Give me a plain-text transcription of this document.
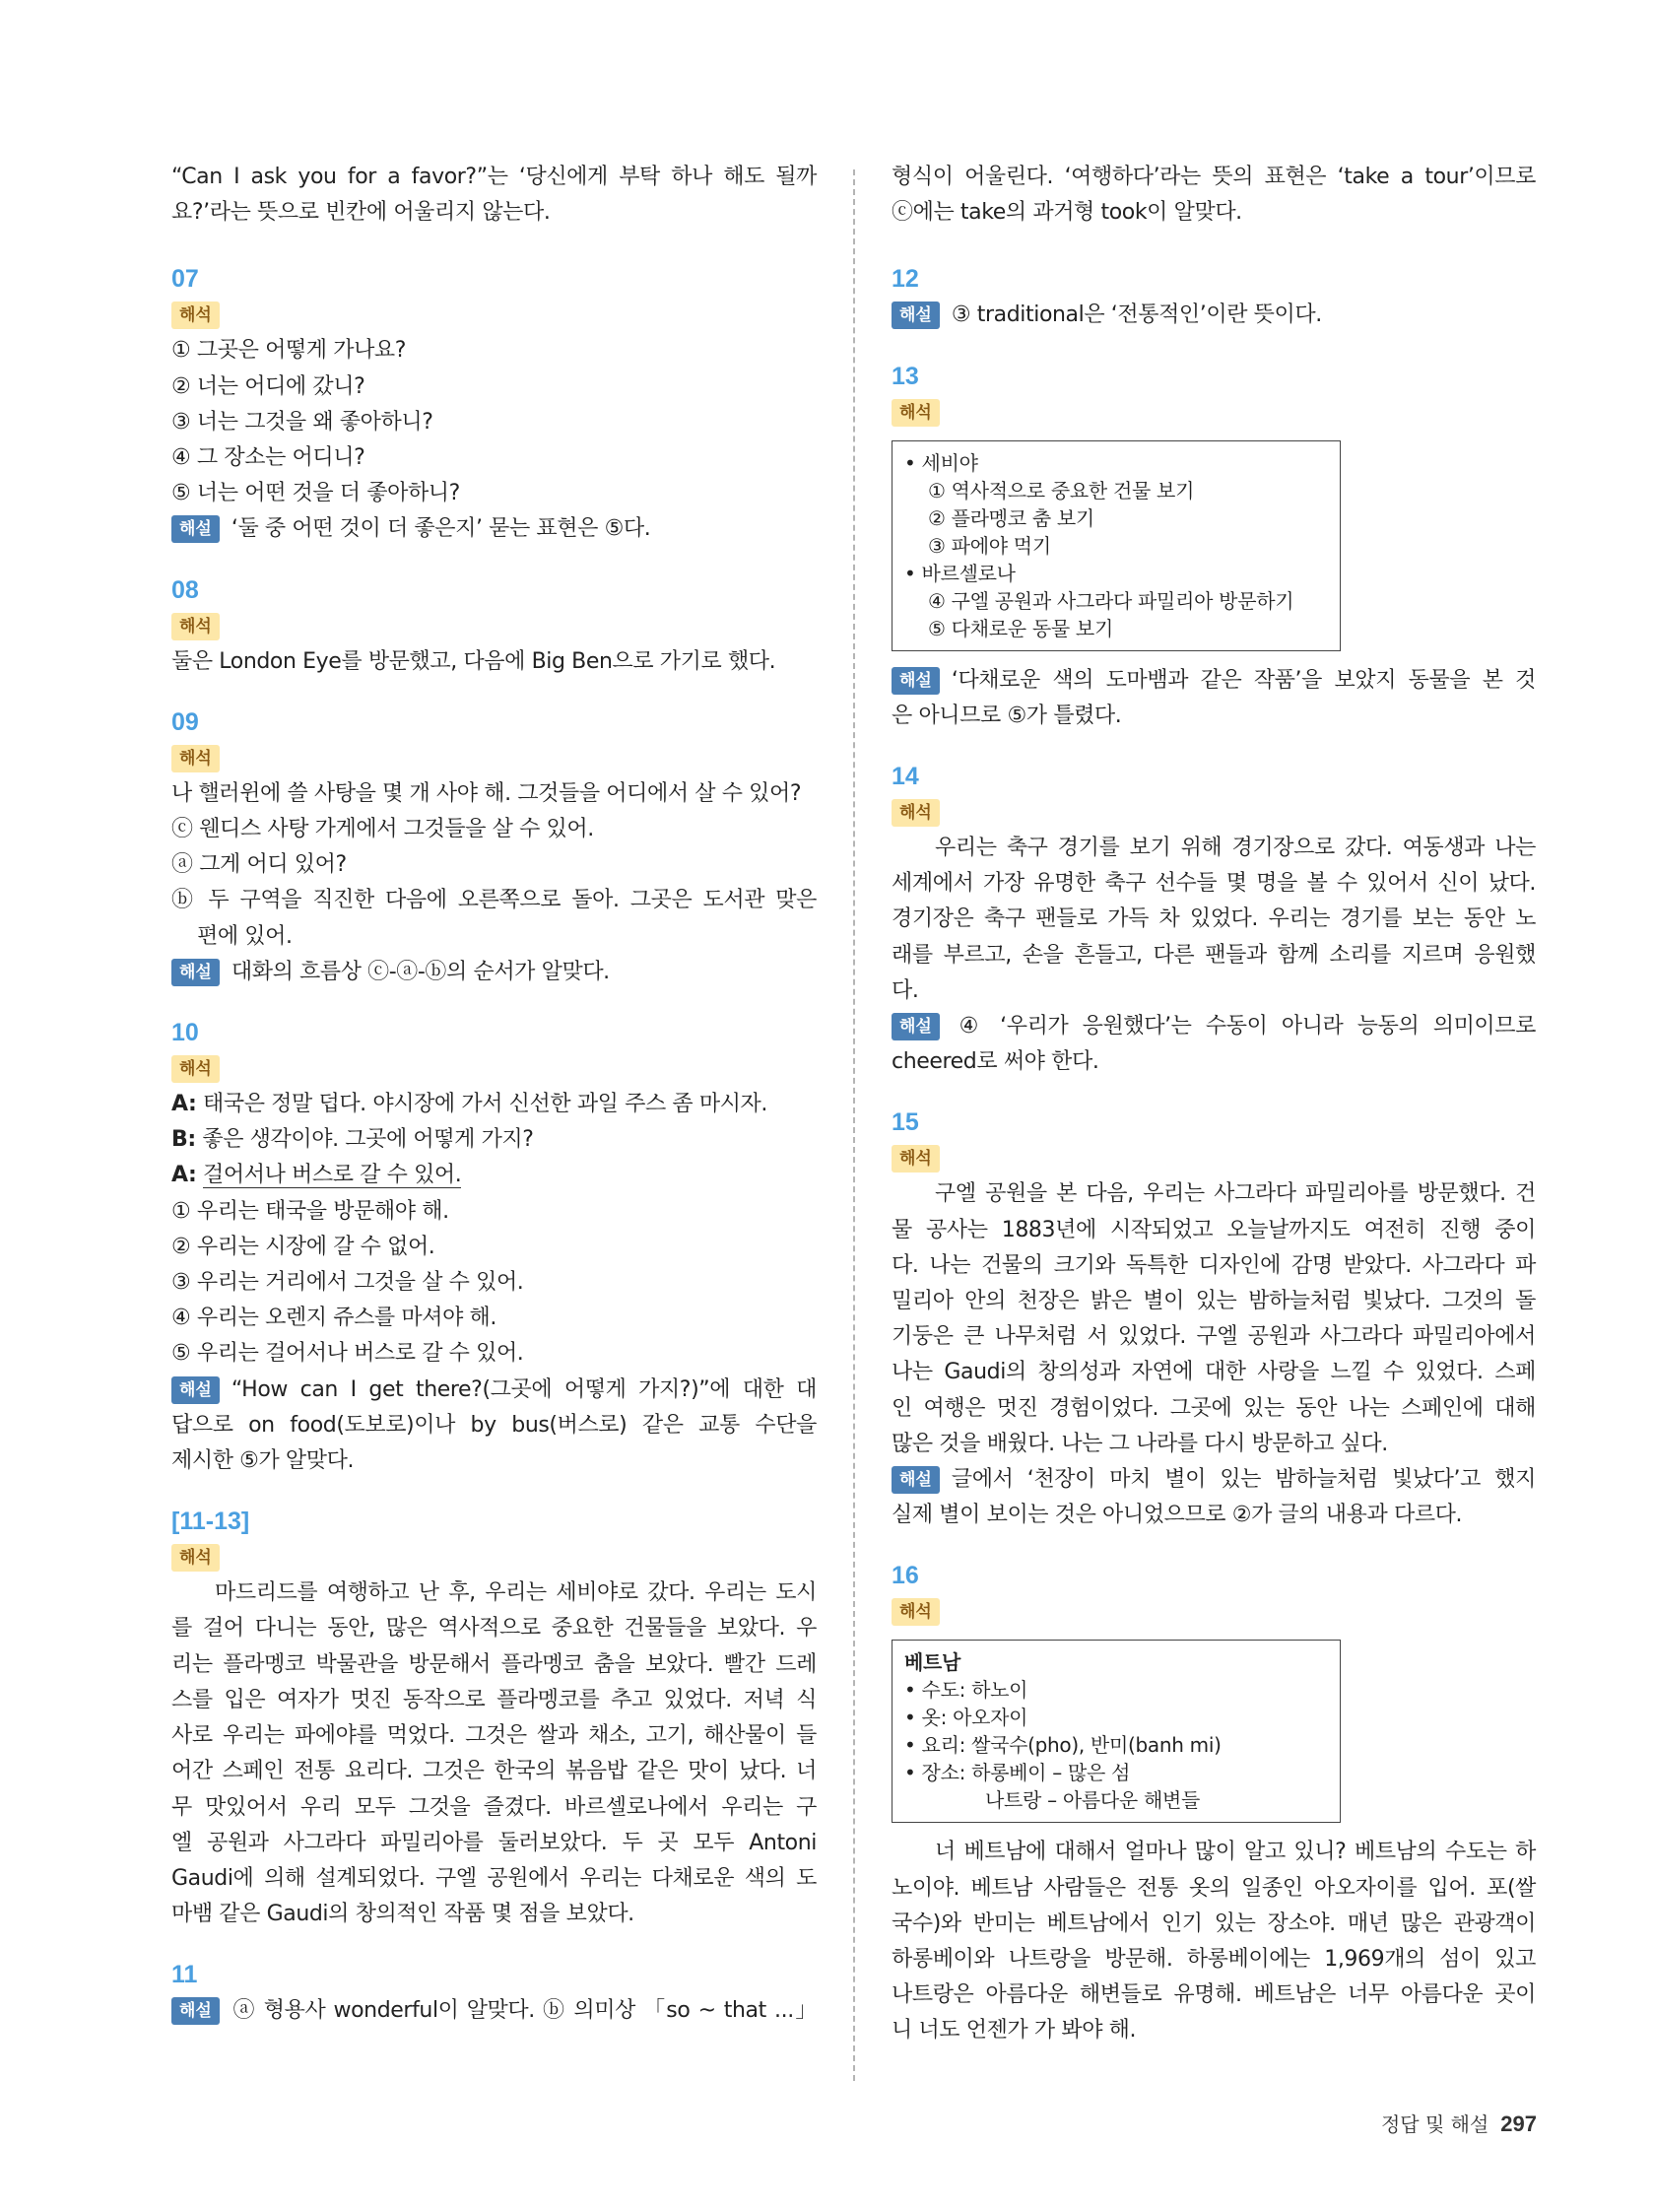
“Can I ask you for a favor?”는 ‘당신에게 부탁 하나 해도 될까
요?’라는 뜻으로 빈칸에 어울리지 않는다.
07
해석
① 그곳은 어떻게 가나요?
② 너는 어디에 갔니?
③ 너는 그것을 왜 좋아하니?
④ 그 장소는 어디니?
⑤ 너는 어떤 것을 더 좋아하니?
해설 ‘둘 중 어떤 것이 더 좋은지’ 묻는 표현은 ⑤다.
08
해석
둘은 London Eye를 방문했고, 다음에 Big Ben으로 가기로 했다.
09
해석
나 핼러윈에 쓸 사탕을 몇 개 사야 해. 그것들을 어디에서 살 수 있어?
ⓒ 웬디스 사탕 가게에서 그것들을 살 수 있어.
ⓐ 그게 어디 있어?
ⓑ 두 구역을 직진한 다음에 오른쪽으로 돌아. 그곳은 도서관 맞은
편에 있어.
해설 대화의 흐름상 ⓒ-ⓐ-ⓑ의 순서가 알맞다.
10
해석
A: 태국은 정말 덥다. 야시장에 가서 신선한 과일 주스 좀 마시자.
B: 좋은 생각이야. 그곳에 어떻게 가지?
A: 걸어서나 버스로 갈 수 있어.
① 우리는 태국을 방문해야 해.
② 우리는 시장에 갈 수 없어.
③ 우리는 거리에서 그것을 살 수 있어.
④ 우리는 오렌지 쥬스를 마셔야 해.
⑤ 우리는 걸어서나 버스로 갈 수 있어.
해설 “How can I get there?(그곳에 어떻게 가지?)”에 대한 대
답으로 on food(도보로)이나 by bus(버스로) 같은 교통 수단을
제시한 ⑤가 알맞다.
[11-13]
해석
마드리드를 여행하고 난 후, 우리는 세비야로 갔다. 우리는 도시
를 걸어 다니는 동안, 많은 역사적으로 중요한 건물들을 보았다. 우
리는 플라멩코 박물관을 방문해서 플라멩코 춤을 보았다. 빨간 드레
스를 입은 여자가 멋진 동작으로 플라멩코를 추고 있었다. 저녁 식
사로 우리는 파에야를 먹었다. 그것은 쌀과 채소, 고기, 해산물이 들
어간 스페인 전통 요리다. 그것은 한국의 볶음밥 같은 맛이 났다. 너
무 맛있어서 우리 모두 그것을 즐겼다. 바르셀로나에서 우리는 구
엘 공원과 사그라다 파밀리아를 둘러보았다. 두 곳 모두 Antoni
Gaudi에 의해 설계되었다. 구엘 공원에서 우리는 다채로운 색의 도
마뱀 같은 Gaudi의 창의적인 작품 몇 점을 보았다.
11
해설 ⓐ 형용사 wonderful이 알맞다. ⓑ 의미상 「so ~ that ...」
형식이 어울린다. ‘여행하다’라는 뜻의 표현은 ‘take a tour’이므로
ⓒ에는 take의 과거형 took이 알맞다.
12
해설 ③ traditional은 ‘전통적인’이란 뜻이다.
13
해석
• 세비야
① 역사적으로 중요한 건물 보기
② 플라멩코 춤 보기
③ 파에야 먹기
• 바르셀로나
④ 구엘 공원과 사그라다 파밀리아 방문하기
⑤ 다채로운 동물 보기
해설 ‘다채로운 색의 도마뱀과 같은 작품’을 보았지 동물을 본 것
은 아니므로 ⑤가 틀렸다.
14
해석
우리는 축구 경기를 보기 위해 경기장으로 갔다. 여동생과 나는
세계에서 가장 유명한 축구 선수들 몇 명을 볼 수 있어서 신이 났다.
경기장은 축구 팬들로 가득 차 있었다. 우리는 경기를 보는 동안 노
래를 부르고, 손을 흔들고, 다른 팬들과 함께 소리를 지르며 응원했
다.
해설 ④ ‘우리가 응원했다’는 수동이 아니라 능동의 의미이므로
cheered로 써야 한다.
15
해석
구엘 공원을 본 다음, 우리는 사그라다 파밀리아를 방문했다. 건
물 공사는 1883년에 시작되었고 오늘날까지도 여전히 진행 중이
다. 나는 건물의 크기와 독특한 디자인에 감명 받았다. 사그라다 파
밀리아 안의 천장은 밝은 별이 있는 밤하늘처럼 빛났다. 그것의 돌
기둥은 큰 나무처럼 서 있었다. 구엘 공원과 사그라다 파밀리아에서
나는 Gaudi의 창의성과 자연에 대한 사랑을 느낄 수 있었다. 스페
인 여행은 멋진 경험이었다. 그곳에 있는 동안 나는 스페인에 대해
많은 것을 배웠다. 나는 그 나라를 다시 방문하고 싶다.
해설 글에서 ‘천장이 마치 별이 있는 밤하늘처럼 빛났다’고 했지
실제 별이 보이는 것은 아니었으므로 ②가 글의 내용과 다르다.
16
해석
베트남
• 수도: 하노이
• 옷: 아오자이
• 요리: 쌀국수(pho), 반미(banh mi)
• 장소: 하롱베이 – 많은 섬
나트랑 – 아름다운 해변들
너 베트남에 대해서 얼마나 많이 알고 있니? 베트남의 수도는 하
노이야. 베트남 사람들은 전통 옷의 일종인 아오자이를 입어. 포(쌀
국수)와 반미는 베트남에서 인기 있는 장소야. 매년 많은 관광객이
하롱베이와 나트랑을 방문해. 하롱베이에는 1,969개의 섬이 있고
나트랑은 아름다운 해변들로 유명해. 베트남은 너무 아름다운 곳이
니 너도 언젠가 가 봐야 해.
정답 및 해설 297
